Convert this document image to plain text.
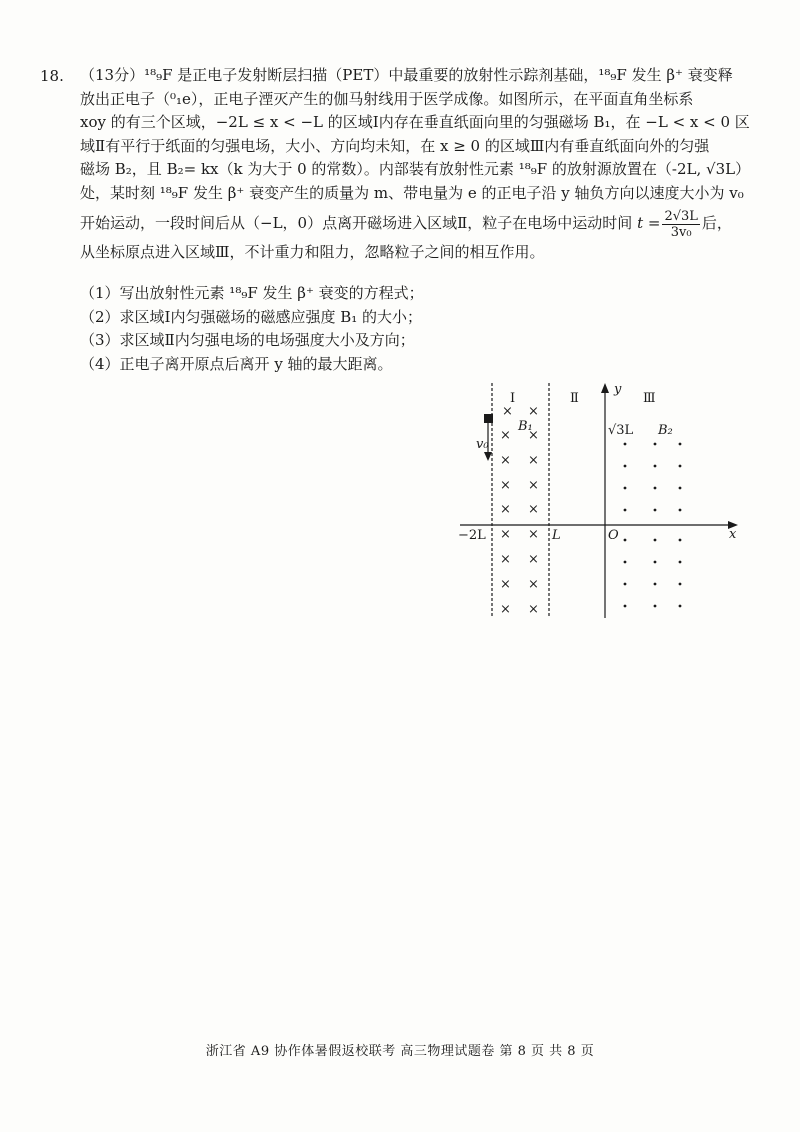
18. （13分）¹⁸₉F 是正电子发射断层扫描（PET）中最重要的放射性示踪剂基础，¹⁸₉F 发生 β⁺ 衰变释
放出正电子（⁰₁e），正电子湮灭产生的伽马射线用于医学成像。如图所示，在平面直角坐标系
xoy 的有三个区域，−2L ≤ x < −L 的区域Ⅰ内存在垂直纸面向里的匀强磁场 B₁，在 −L < x < 0 区
域Ⅱ有平行于纸面的匀强电场，大小、方向均未知，在 x ≥ 0 的区域Ⅲ内有垂直纸面向外的匀强
磁场 B₂，且 B₂= kx（k 为大于 0 的常数）。内部装有放射性元素 ¹⁸₉F 的放射源放置在（-2L, √3L）
处，某时刻 ¹⁸₉F 发生 β⁺ 衰变产生的质量为 m、带电量为 e 的正电子沿 y 轴负方向以速度大小为 v₀
开始运动，一段时间后从（−L，0）点离开磁场进入区域Ⅱ，粒子在电场中运动时间 $t = \frac{2√3L}{\text{3v₀}}$ 后，
从坐标原点进入区域Ⅲ，不计重力和阻力，忽略粒子之间的相互作用。
（1）写出放射性元素 ¹⁸₉F 发生 β⁺ 衰变的方程式；
（2）求区域Ⅰ内匀强磁场的磁感应强度 B₁ 的大小；
（3）求区域Ⅱ内匀强电场的电场强度大小及方向；
（4）正电子离开原点后离开 y 轴的最大距离。
v₀
Ⅰ	Ⅱ	Ⅲ
y
B₁	B₂
√3L
−2L	L	O	x
× ×
× ×
× ×
× ×
× ×
× ×
× ×
× ×
× ×
浙江省 A9 协作体暑假返校联考 高三物理试题卷 第 8 页 共 8 页
